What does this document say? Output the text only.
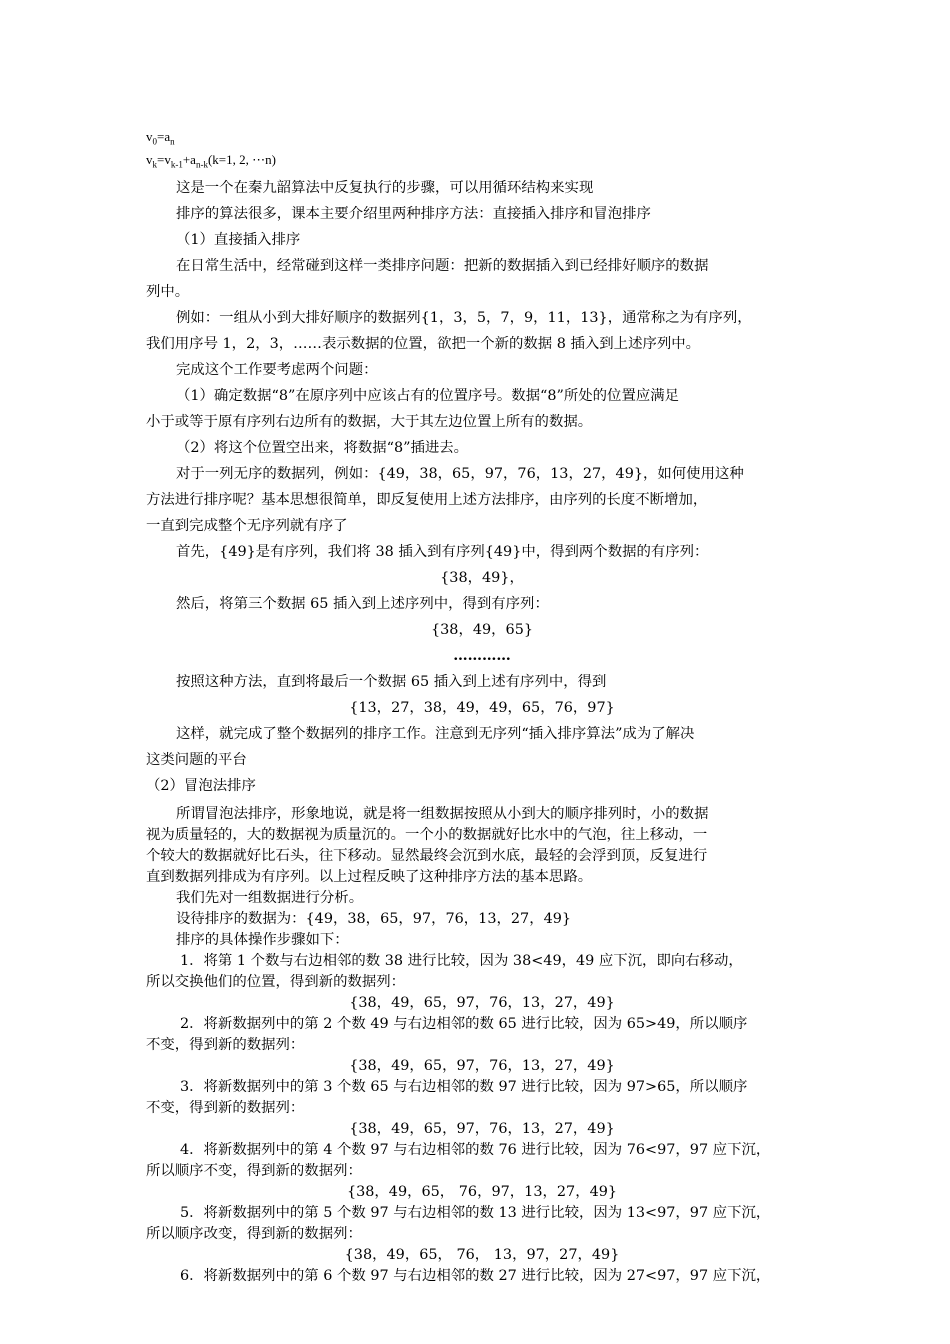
$v_0=a_n$

$v_k=v_{k-1}+a_{n-k}(k=1$, 2, ⋯n)

这是一个在秦九韶算法中反复执行的步骤，可以用循环结构来实现

排序的算法很多，课本主要介绍里两种排序方法：直接插入排序和冒泡排序

（1）直接插入排序

在日常生活中，经常碰到这样一类排序问题：把新的数据插入到已经排好顺序的数据

列中。

例如：一组从小到大排好顺序的数据列{1，3，5，7，9，11，13}，通常称之为有序列，

我们用序号 1，2，3，……表示数据的位置，欲把一个新的数据 8 插入到上述序列中。

完成这个工作要考虑两个问题：

（1）确定数据“8”在原序列中应该占有的位置序号。数据“8”所处的位置应满足

小于或等于原有序列右边所有的数据，大于其左边位置上所有的数据。

（2）将这个位置空出来，将数据“8”插进去。

对于一列无序的数据列，例如：{49，38，65，97，76，13，27，49}，如何使用这种

方法进行排序呢？基本思想很简单，即反复使用上述方法排序，由序列的长度不断增加，

一直到完成整个无序列就有序了

首先，{49}是有序列，我们将 38 插入到有序列{49}中，得到两个数据的有序列：

{38，49}，

然后，将第三个数据 65 插入到上述序列中，得到有序列：

{38，49，65}

…………

按照这种方法，直到将最后一个数据 65 插入到上述有序列中，得到

{13，27，38，49，49，65，76，97}

这样，就完成了整个数据列的排序工作。注意到无序列“插入排序算法”成为了解决

这类问题的平台

（2）冒泡法排序

所谓冒泡法排序，形象地说，就是将一组数据按照从小到大的顺序排列时，小的数据

视为质量轻的，大的数据视为质量沉的。一个小的数据就好比水中的气泡，往上移动，一

个较大的数据就好比石头，往下移动。显然最终会沉到水底，最轻的会浮到顶，反复进行

直到数据列排成为有序列。以上过程反映了这种排序方法的基本思路。

我们先对一组数据进行分析。

设待排序的数据为：{49，38，65，97，76，13，27，49}

排序的具体操作步骤如下：

1．将第 1 个数与右边相邻的数 38 进行比较，因为 38<49，49 应下沉，即向右移动，

所以交换他们的位置，得到新的数据列：

{38，49，65，97，76，13，27，49}

2．将新数据列中的第 2 个数 49 与右边相邻的数 65 进行比较，因为 65>49，所以顺序

不变，得到新的数据列：

{38，49，65，97，76，13，27，49}

3．将新数据列中的第 3 个数 65 与右边相邻的数 97 进行比较，因为 97>65，所以顺序

不变，得到新的数据列：

{38，49，65，97，76，13，27，49}

4．将新数据列中的第 4 个数 97 与右边相邻的数 76 进行比较，因为 76<97，97 应下沉，

所以顺序不变，得到新的数据列：

{38，49，65， 76，97，13，27，49}

5．将新数据列中的第 5 个数 97 与右边相邻的数 13 进行比较，因为 13<97，97 应下沉，

所以顺序改变，得到新的数据列：

{38，49，65， 76， 13，97，27，49}

6．将新数据列中的第 6 个数 97 与右边相邻的数 27 进行比较，因为 27<97，97 应下沉，
